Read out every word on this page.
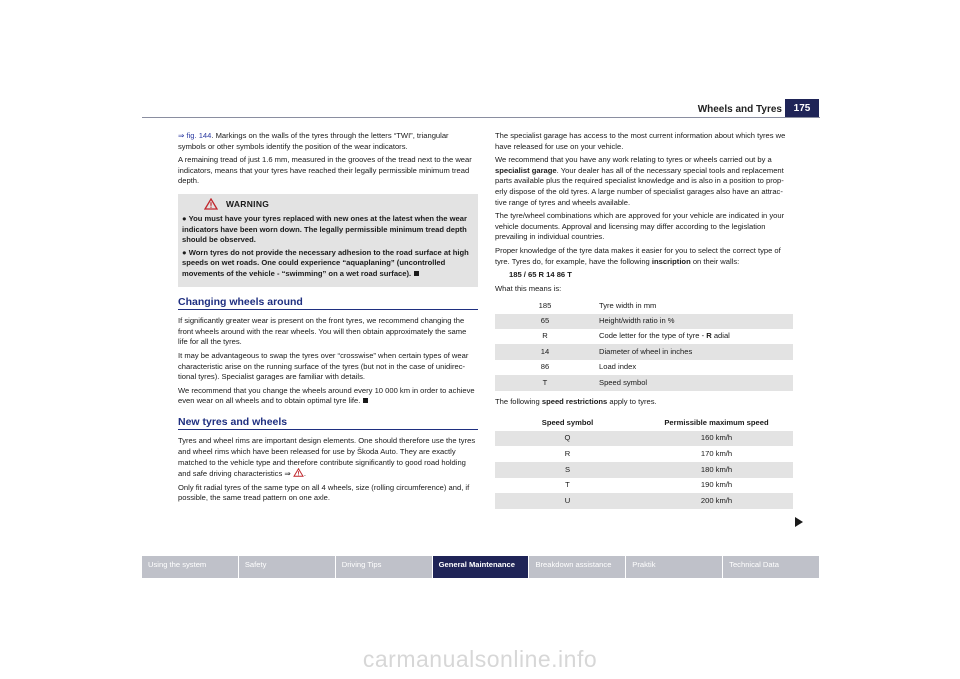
Wheels and Tyres	175

⇒ fig. 144. Markings on the walls of the tyres through the letters “TWI”, triangular symbols or other symbols identify the position of the wear indicators.

A remaining tread of just 1.6 mm, measured in the grooves of the tread next to the wear indicators, means that your tyres have reached their legally permissible minimum tread depth.

WARNING

● You must have your tyres replaced with new ones at the latest when the wear indicators have been worn down. The legally permissible minimum tread depth should be observed.

● Worn tyres do not provide the necessary adhesion to the road surface at high speeds on wet roads. One could experience “aquaplaning” (uncontrolled movements of the vehicle - “swimming” on a wet road surface).

Changing wheels around

If significantly greater wear is present on the front tyres, we recommend changing the front wheels around with the rear wheels. You will then obtain approximately the same life for all the tyres.

It may be advantageous to swap the tyres over “crosswise” when certain types of wear characteristic arise on the running surface of the tyres (but not in the case of unidirec- tional tyres). Specialist garages are familiar with details.

We recommend that you change the wheels around every 10 000 km in order to achieve even wear on all wheels and to obtain optimal tyre life.

New tyres and wheels

Tyres and wheel rims are important design elements. One should therefore use the tyres and wheel rims which have been released for use by Škoda Auto. They are exactly matched to the vehicle type and therefore contribute significantly to good road holding and safe driving characteristics ⇒ .

Only fit radial tyres of the same type on all 4 wheels, size (rolling circumference) and, if possible, the same tread pattern on one axle.

The specialist garage has access to the most current information about which tyres we have released for use on your vehicle.

We recommend that you have any work relating to tyres or wheels carried out by a specialist garage. Your dealer has all of the necessary special tools and replacement parts available plus the required specialist knowledge and is also in a position to prop- erly dispose of the old tyres. A large number of specialist garages also have an attrac- tive range of tyres and wheels available.

The tyre/wheel combinations which are approved for your vehicle are indicated in your vehicle documents. Approval and licensing may differ according to the legislation prevailing in individual countries.

Proper knowledge of the tyre data makes it easier for you to select the correct type of tyre. Tyres do, for example, have the following inscription on their walls:

185 / 65 R 14 86 T

What this means is:

185	Tyre width in mm
65	Height/width ratio in %
R	Code letter for the type of tyre - R adial
14	Diameter of wheel in inches
86	Load index
T	Speed symbol

The following speed restrictions apply to tyres.

Speed symbol	Permissible maximum speed
Q	160 km/h
R	170 km/h
S	180 km/h
T	190 km/h
U	200 km/h
Using the system	Safety	Driving Tips	General Maintenance	Breakdown assistance	Praktik	Technical Data
carmanualsonline.info
